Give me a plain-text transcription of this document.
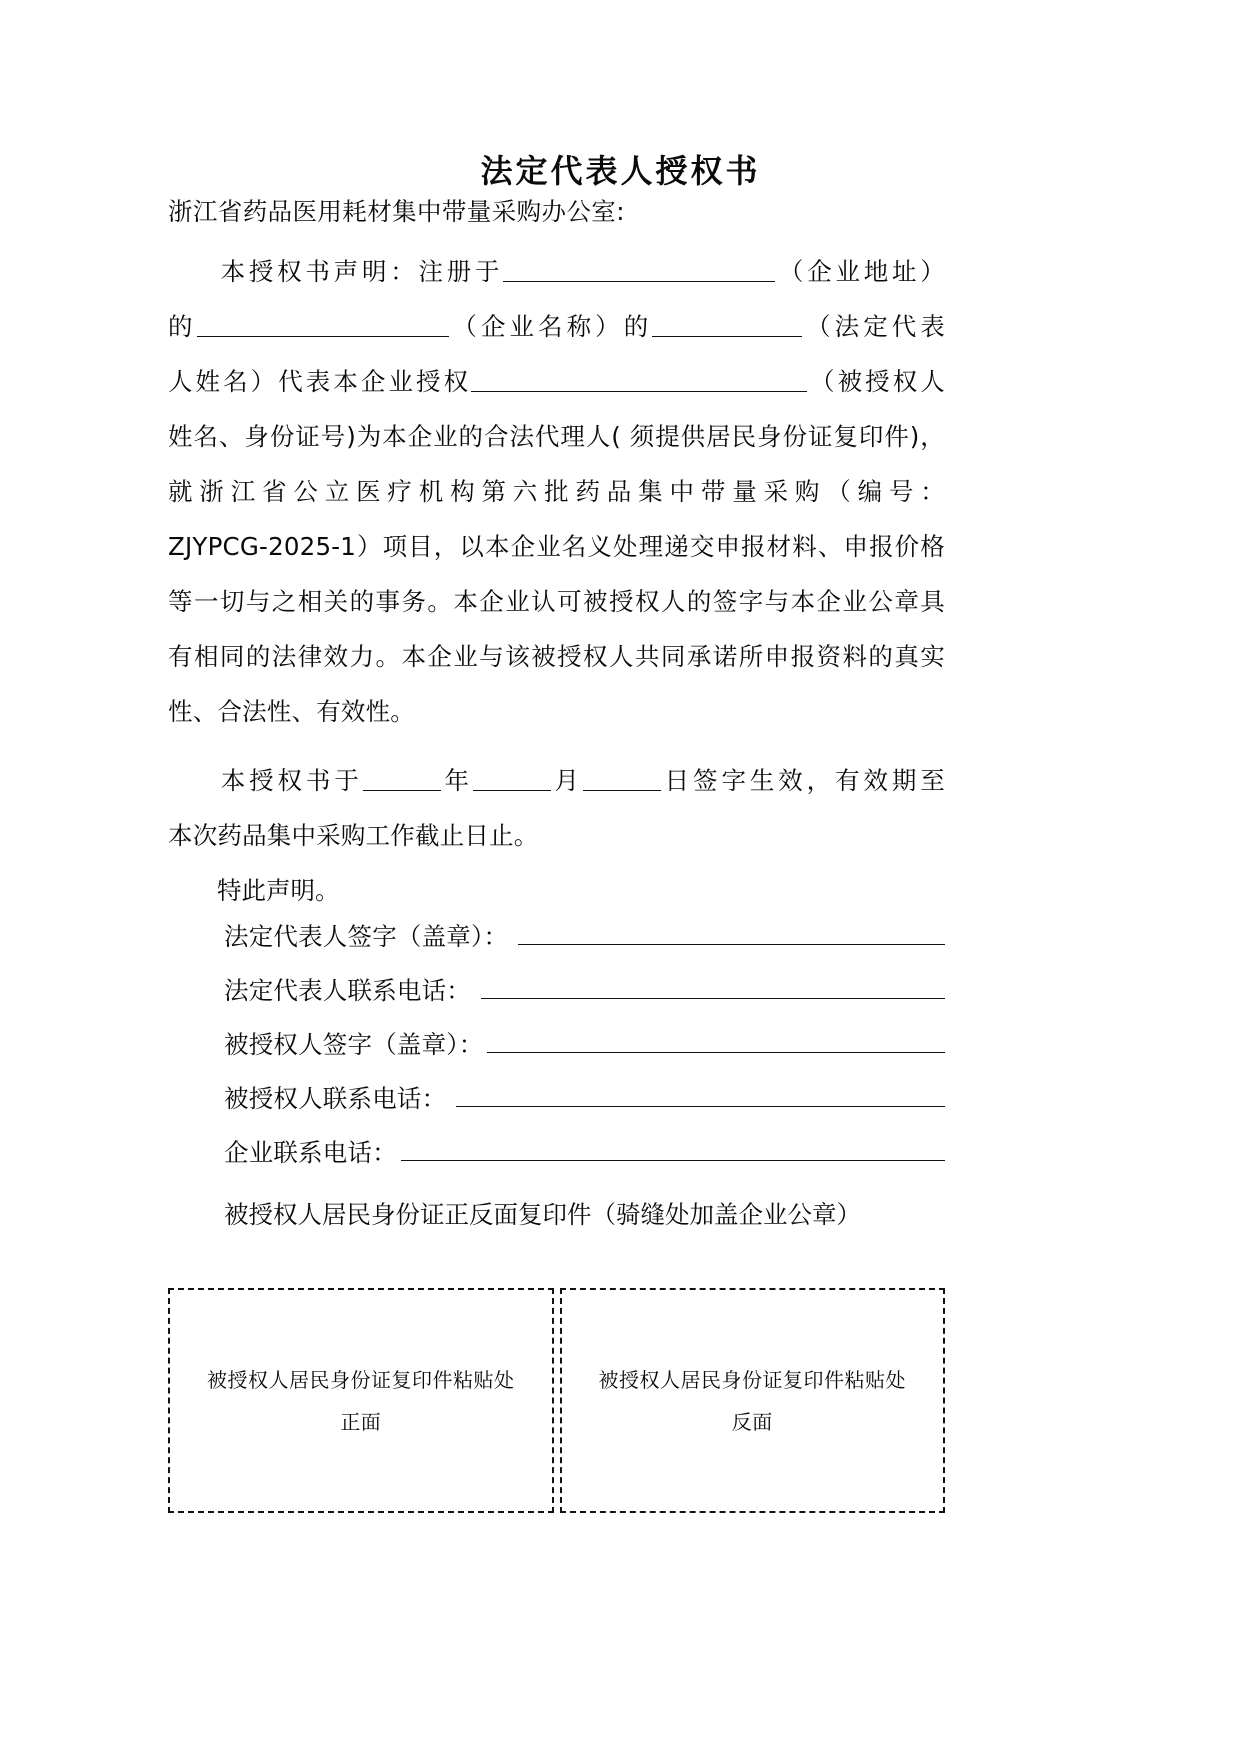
法定代表人授权书

浙江省药品医用耗材集中带量采购办公室:

本授权书声明：注册于	（企业地址）
的	（企业名称）的	（法定代表
人姓名）代表本企业授权	（被授权人
姓名、身份证号)为本企业的合法代理人( 须提供居民身份证复印件)，
就浙江省公立医疗机构第六批药品集中带量采购（编号：
ZJYPCG-2025-1）项目，以本企业名义处理递交申报材料、申报价格
等一切与之相关的事务。本企业认可被授权人的签字与本企业公章具
有相同的法律效力。本企业与该被授权人共同承诺所申报资料的真实
性、合法性、有效性。
本授权书于	年	月	日签字生效，有效期至
本次药品集中采购工作截止日止。

特此声明。

法定代表人签字（盖章）：
法定代表人联系电话：
被授权人签字（盖章）：
被授权人联系电话：
企业联系电话：

被授权人居民身份证正反面复印件（骑缝处加盖企业公章）

被授权人居民身份证复印件粘贴处
正面
被授权人居民身份证复印件粘贴处
反面
